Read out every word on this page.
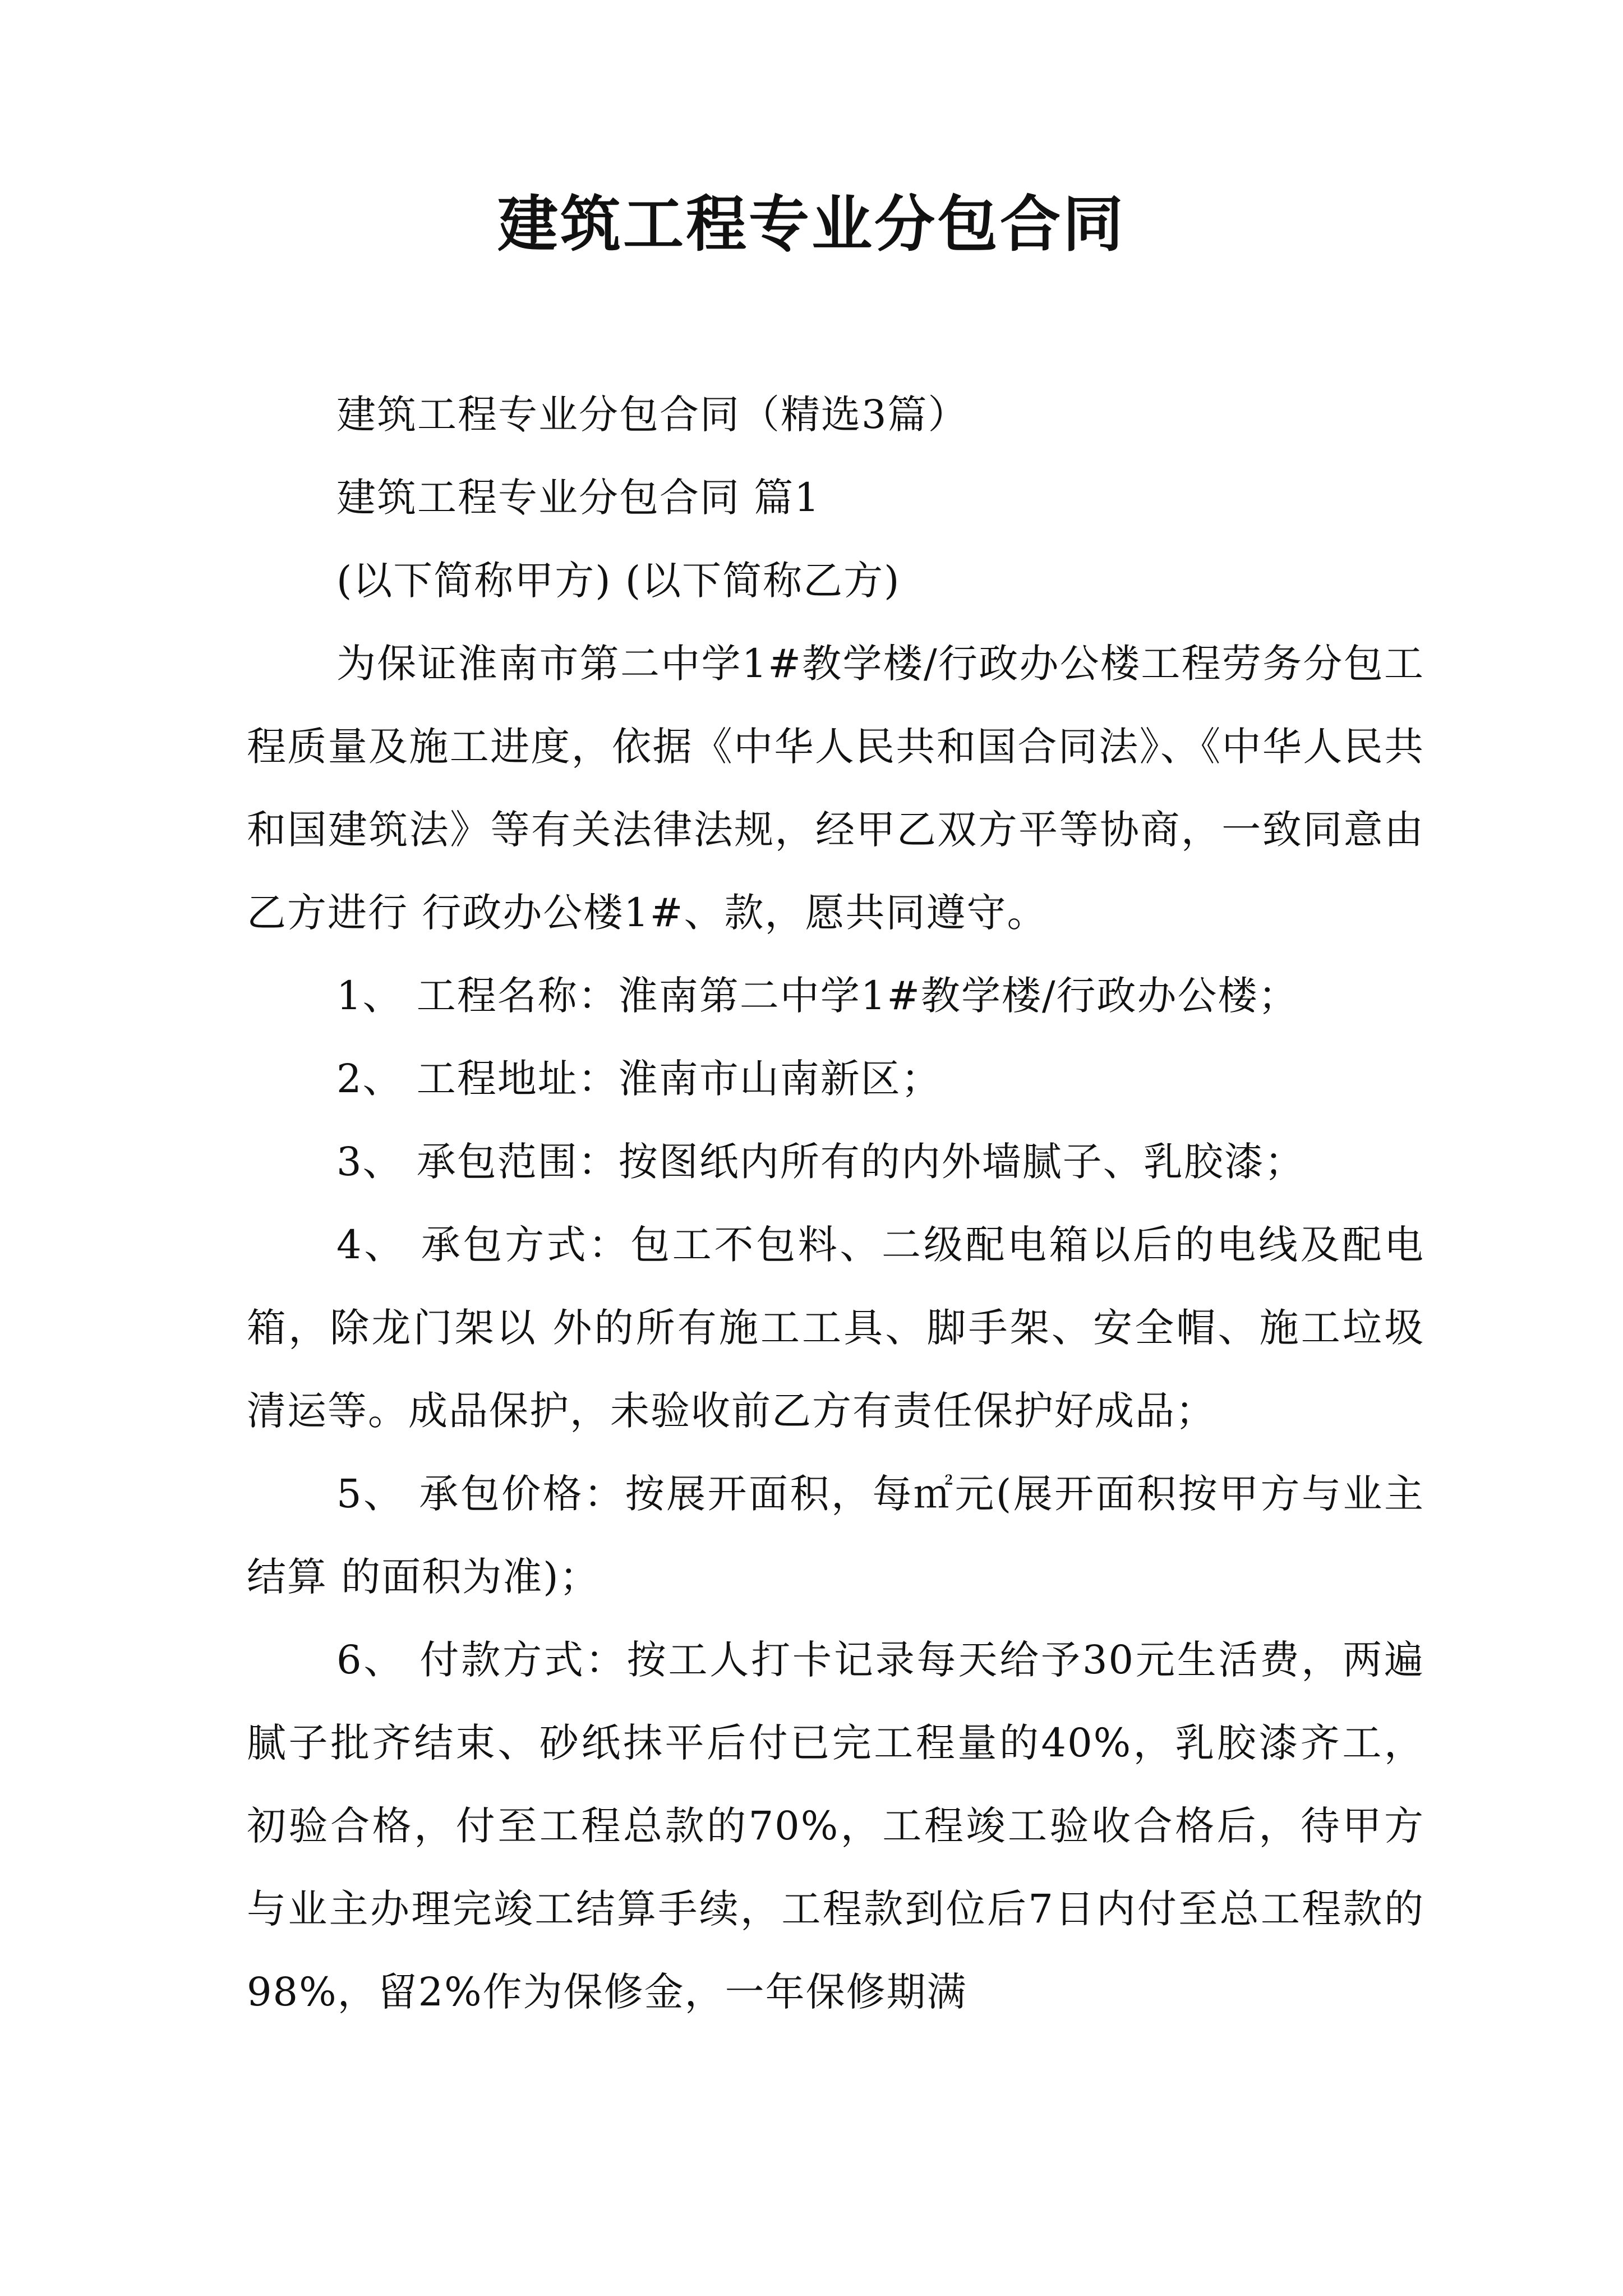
建筑工程专业分包合同

建筑工程专业分包合同（精选3篇）

建筑工程专业分包合同 篇1

(以下简称甲方) (以下简称乙方)

为保证淮南市第二中学1#教学楼/行政办公楼工程劳务分包工程质量及施工进度，依据《中华人民共和国合同法》、《中华人民共和国建筑法》等有关法律法规，经甲乙双方平等协商，一致同意由乙方进行 行政办公楼1#、款，愿共同遵守。

1、 工程名称：淮南第二中学1#教学楼/行政办公楼；

2、 工程地址：淮南市山南新区；

3、 承包范围：按图纸内所有的内外墙腻子、乳胶漆；

4、 承包方式：包工不包料、二级配电箱以后的电线及配电箱，除龙门架以 外的所有施工工具、脚手架、安全帽、施工垃圾清运等。成品保护，未验收前乙方有责任保护好成品；

5、 承包价格：按展开面积，每㎡元(展开面积按甲方与业主结算 的面积为准)；

6、 付款方式：按工人打卡记录每天给予30元生活费，两遍腻子批齐结束、砂纸抹平后付已完工程量的40%，乳胶漆齐工，初验合格，付至工程总款的70%，工程竣工验收合格后，待甲方与业主办理完竣工结算手续，工程款到位后7日内付至总工程款的98%，留2%作为保修金，一年保修期满
